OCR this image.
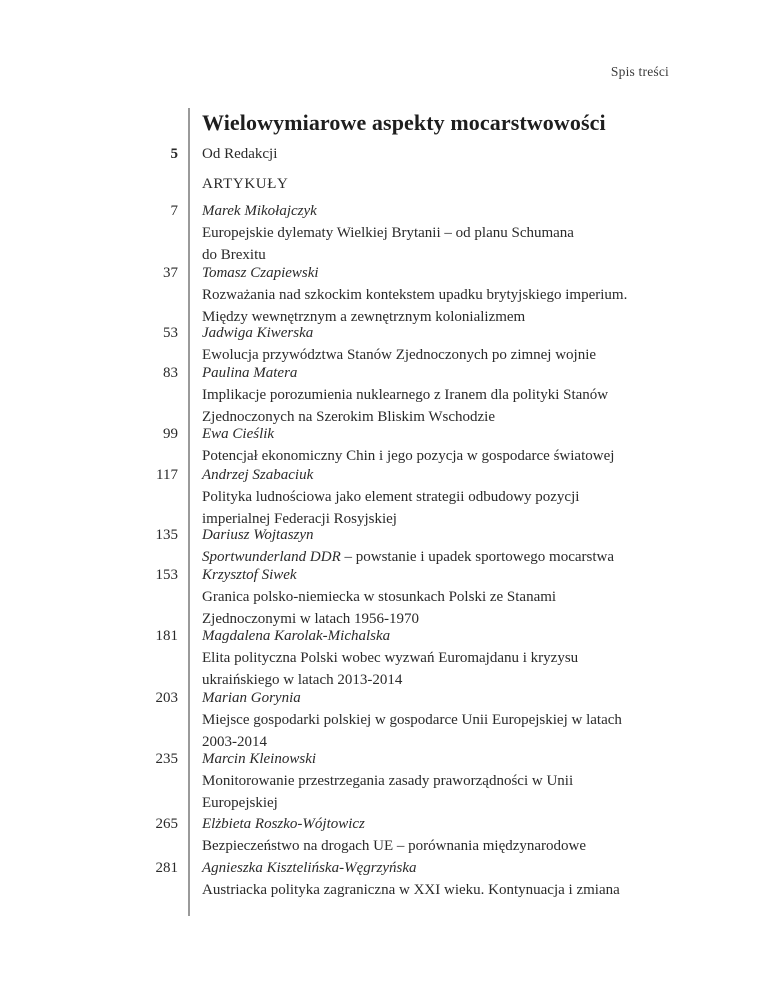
Spis treści
Wielowymiarowe aspekty mocarstwowości
5 Od Redakcji
ARTYKUŁY
7 Marek Mikołajczyk
Europejskie dylematy Wielkiej Brytanii – od planu Schumana
do Brexitu
37 Tomasz Czapiewski
Rozważania nad szkockim kontekstem upadku brytyjskiego imperium.
Między wewnętrznym a zewnętrznym kolonializmem
53 Jadwiga Kiwerska
Ewolucja przywództwa Stanów Zjednoczonych po zimnej wojnie
83 Paulina Matera
Implikacje porozumienia nuklearnego z Iranem dla polityki Stanów
Zjednoczonych na Szerokim Bliskim Wschodzie
99 Ewa Cieślik
Potencjał ekonomiczny Chin i jego pozycja w gospodarce światowej
117 Andrzej Szabaciuk
Polityka ludnościowa jako element strategii odbudowy pozycji
imperialnej Federacji Rosyjskiej
135 Dariusz Wojtaszyn
Sportwunderland DDR – powstanie i upadek sportowego mocarstwa
153 Krzysztof Siwek
Granica polsko-niemiecka w stosunkach Polski ze Stanami
Zjednoczonymi w latach 1956-1970
181 Magdalena Karolak-Michalska
Elita polityczna Polski wobec wyzwań Euromajdanu i kryzysu
ukraińskiego w latach 2013-2014
203 Marian Gorynia
Miejsce gospodarki polskiej w gospodarce Unii Europejskiej w latach
2003-2014
235 Marcin Kleinowski
Monitorowanie przestrzegania zasady praworządności w Unii
Europejskiej
265 Elżbieta Roszko-Wójtowicz
Bezpieczeństwo na drogach UE – porównania międzynarodowe
281 Agnieszka Kisztelińska-Węgrzyńska
Austriacka polityka zagraniczna w XXI wieku. Kontynuacja i zmiana
